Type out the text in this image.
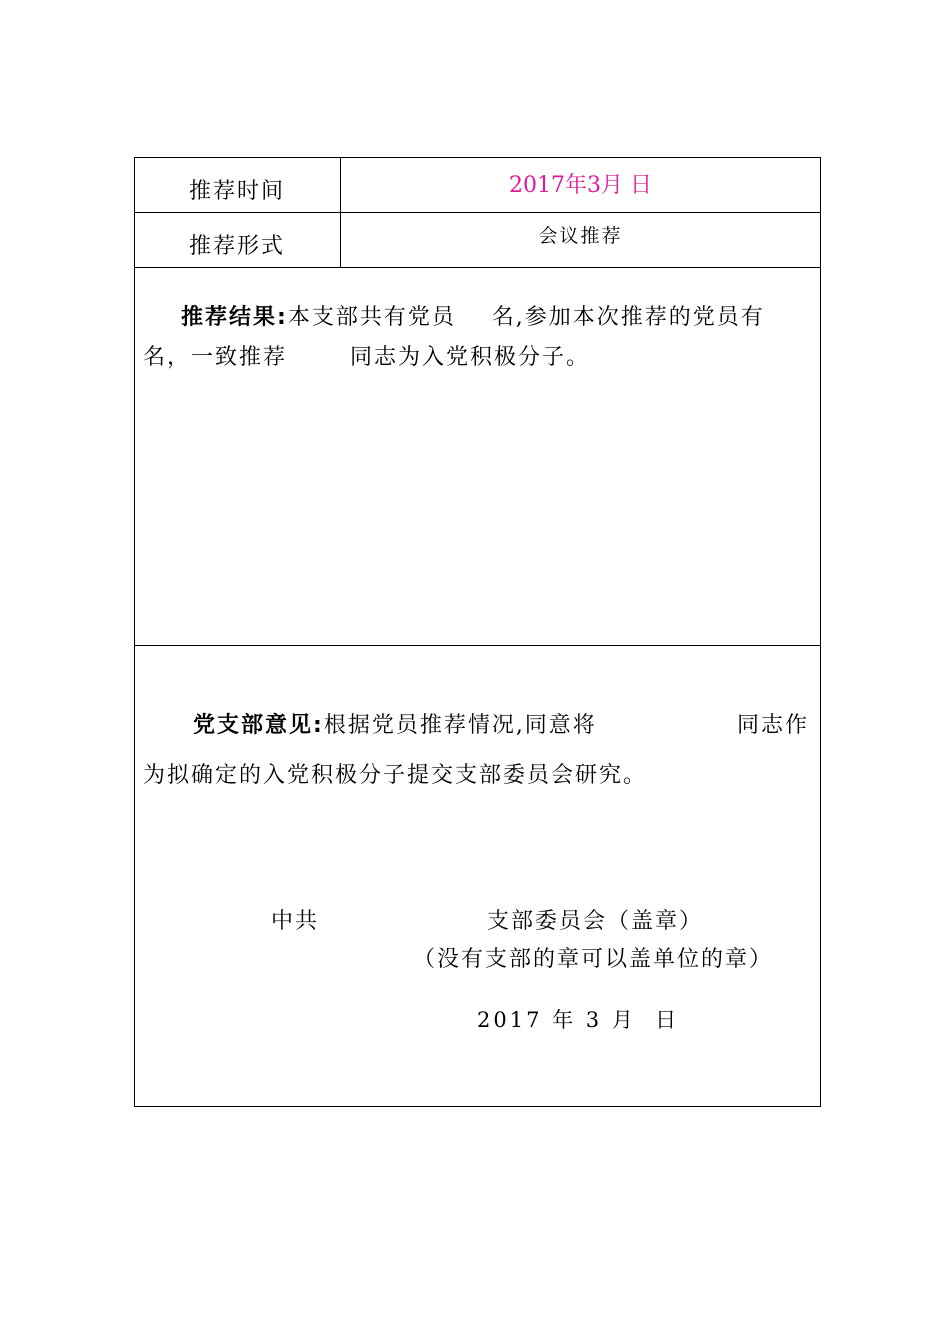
推荐时间	2017年3月 日
推荐形式	会议推荐
推荐结果:本支部共有党员    名,参加本次推荐的党员有
名，一致推荐       同志为入党积极分子。
党支部意见:根据党员推荐情况,同意将	同志作
为拟确定的入党积极分子提交支部委员会研究。
中共	支部委员会（盖章）
（没有支部的章可以盖单位的章）
2017 年 3 月  日
